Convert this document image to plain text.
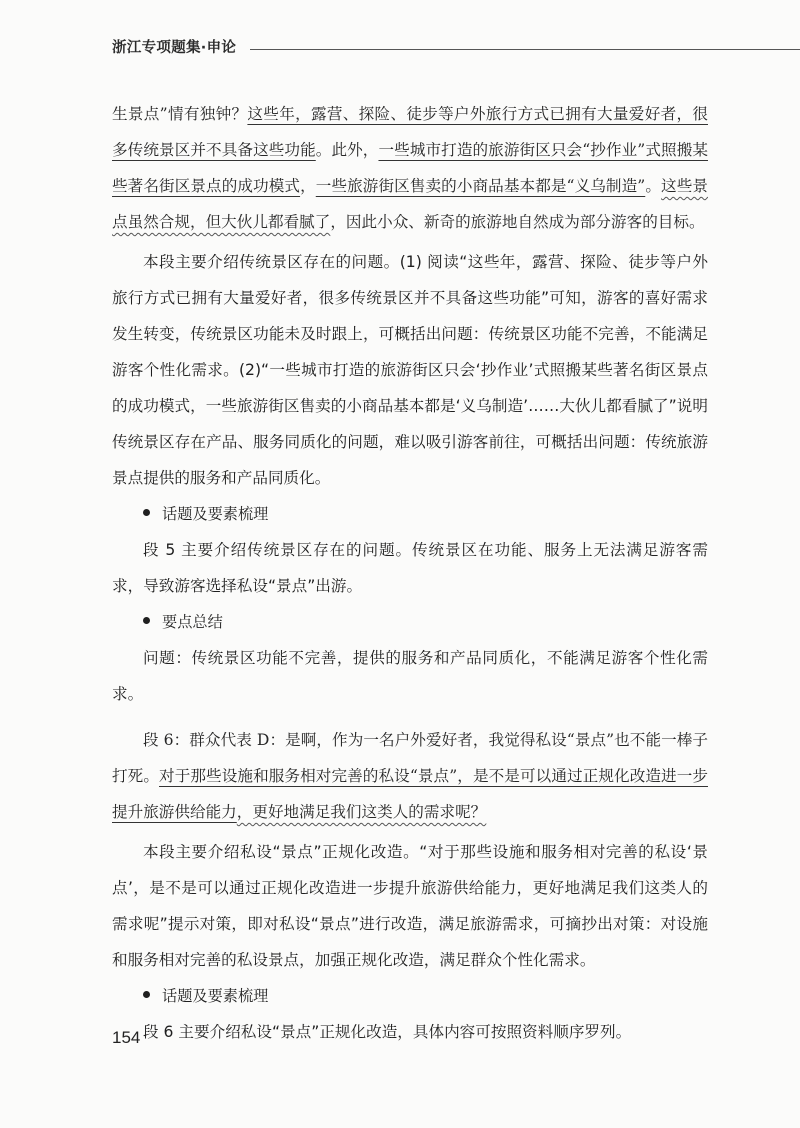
浙江专项题集·申论

生景点”情有独钟？这些年，露营、探险、徒步等户外旅行方式已拥有大量爱好者，很多传统景区并不具备这些功能。此外，一些城市打造的旅游街区只会“抄作业”式照搬某些著名街区景点的成功模式，一些旅游街区售卖的小商品基本都是“义乌制造”。这些景点虽然合规，但大伙儿都看腻了，因此小众、新奇的旅游地自然成为部分游客的目标。

本段主要介绍传统景区存在的问题。(1) 阅读“这些年，露营、探险、徒步等户外旅行方式已拥有大量爱好者，很多传统景区并不具备这些功能”可知，游客的喜好需求发生转变，传统景区功能未及时跟上，可概括出问题：传统景区功能不完善，不能满足游客个性化需求。(2)“一些城市打造的旅游街区只会‘抄作业’式照搬某些著名街区景点的成功模式，一些旅游街区售卖的小商品基本都是‘义乌制造’……大伙儿都看腻了”说明传统景区存在产品、服务同质化的问题，难以吸引游客前往，可概括出问题：传统旅游景点提供的服务和产品同质化。

话题及要素梳理

段 5 主要介绍传统景区存在的问题。传统景区在功能、服务上无法满足游客需求，导致游客选择私设“景点”出游。

要点总结

问题：传统景区功能不完善，提供的服务和产品同质化，不能满足游客个性化需求。

段 6：群众代表 D：是啊，作为一名户外爱好者，我觉得私设“景点”也不能一棒子打死。对于那些设施和服务相对完善的私设“景点”，是不是可以通过正规化改造进一步提升旅游供给能力，更好地满足我们这类人的需求呢？

本段主要介绍私设“景点”正规化改造。“对于那些设施和服务相对完善的私设‘景点’，是不是可以通过正规化改造进一步提升旅游供给能力，更好地满足我们这类人的需求呢”提示对策，即对私设“景点”进行改造，满足旅游需求，可摘抄出对策：对设施和服务相对完善的私设景点，加强正规化改造，满足群众个性化需求。

话题及要素梳理

段 6 主要介绍私设“景点”正规化改造，具体内容可按照资料顺序罗列。

154
